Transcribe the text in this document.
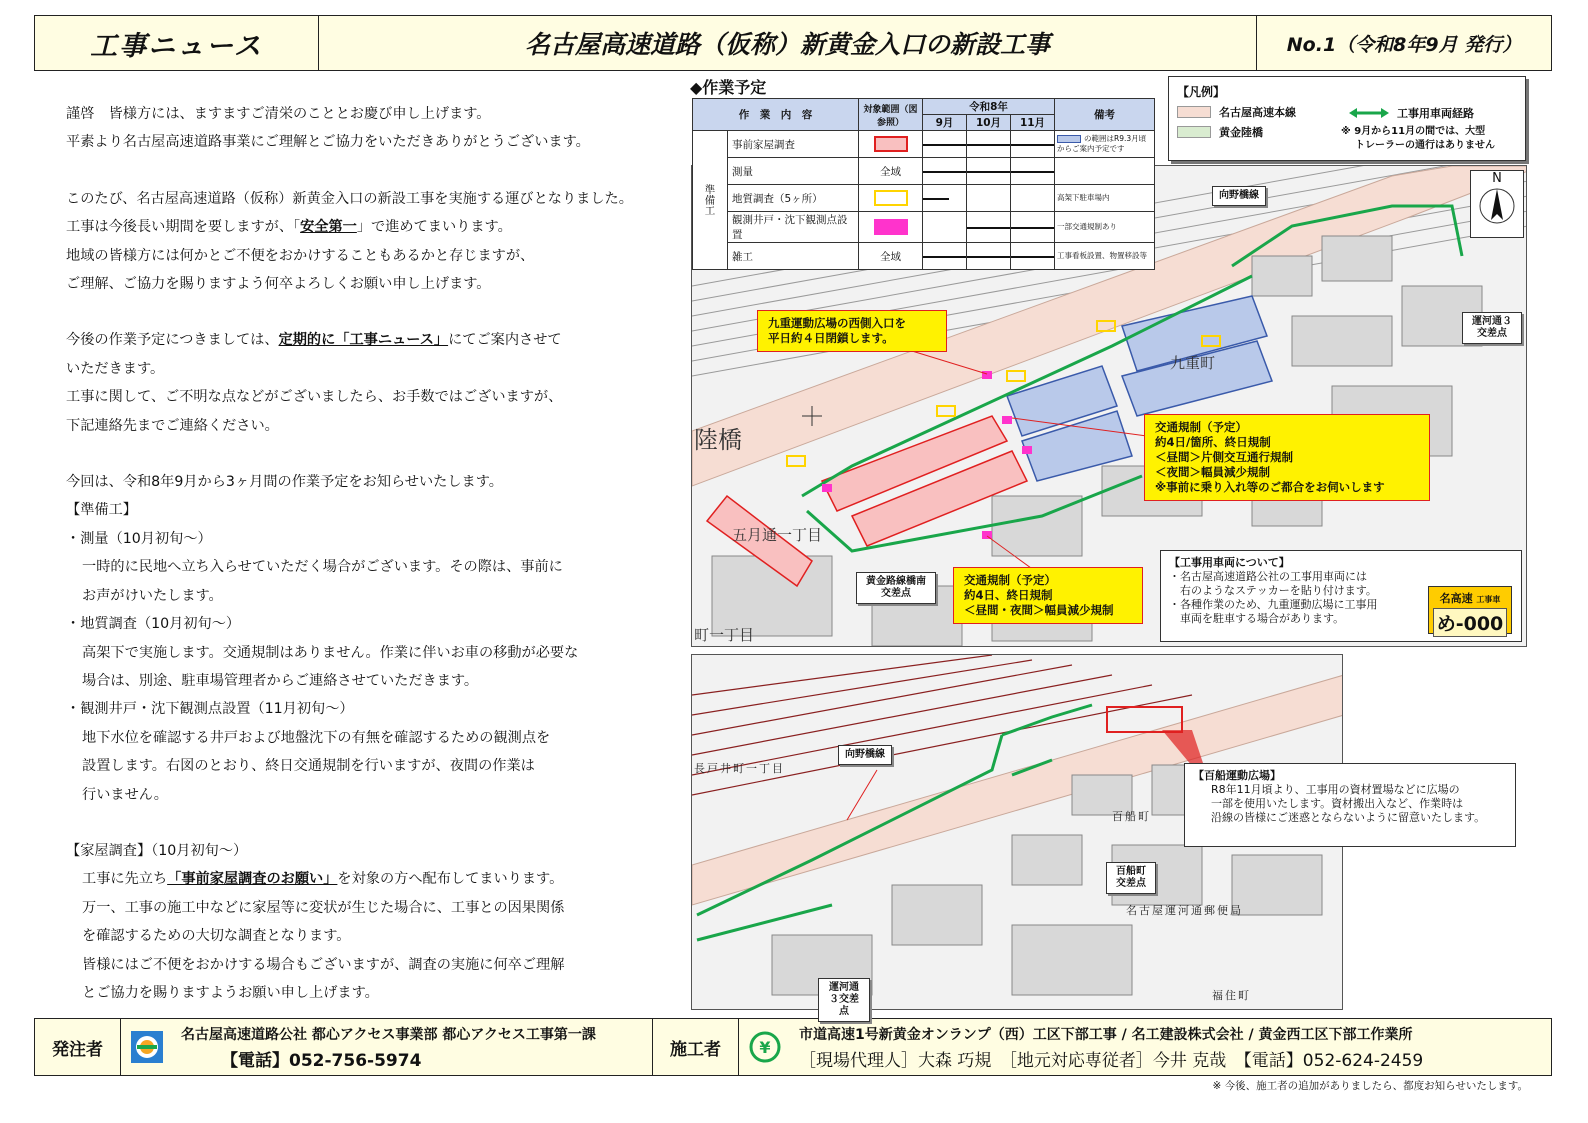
工事ニュース	名古屋高速道路（仮称）新黄金入口の新設工事	No.1（令和8年9月 発行）

謹啓　皆様方には、ますますご清栄のこととお慶び申し上げます。

平素より名古屋高速道路事業にご理解とご協力をいただきありがとうございます。

このたび、名古屋高速道路（仮称）新黄金入口の新設工事を実施する運びとなりました。

工事は今後長い期間を要しますが、「安全第一」で進めてまいります。

地域の皆様方には何かとご不便をおかけすることもあるかと存じますが、

ご理解、ご協力を賜りますよう何卒よろしくお願い申し上げます。

今後の作業予定につきましては、定期的に「工事ニュース」にてご案内させて

いただきます。

工事に関して、ご不明な点などがございましたら、お手数ではございますが、

下記連絡先までご連絡ください。

今回は、令和8年9月から3ヶ月間の作業予定をお知らせいたします。

【準備工】

・測量（10月初旬～）

一時的に民地へ立ち入らせていただく場合がございます。その際は、事前に

お声がけいたします。

・地質調査（10月初旬～）

高架下で実施します。交通規制はありません。作業に伴いお車の移動が必要な

場合は、別途、駐車場管理者からご連絡させていただきます。

・観測井戸・沈下観測点設置（11月初旬～）

地下水位を確認する井戸および地盤沈下の有無を確認するための観測点を

設置します。右図のとおり、終日交通規制を行いますが、夜間の作業は

行いません。

【家屋調査】（10月初旬～）

工事に先立ち「事前家屋調査のお願い」を対象の方へ配布してまいります。

万一、工事の施工中などに家屋等に変状が生じた場合に、工事との因果関係

を確認するための大切な調査となります。

皆様にはご不便をおかけする場合もございますが、調査の実施に何卒ご理解

とご協力を賜りますようお願い申し上げます。

◆作業予定
作　業　内　容		対象範囲（図参照）	令和8年			備考
			9月	10月	11月	
準備工	事前家屋調査					の範囲はR9.3月頃からご案内予定です
	測量	全域	

	地質調査（5ヶ所）					高架下駐車場内
	観測井戸・沈下観測点設置					一部交通規制あり
	雑工	全域				工事看板設置、物置移設等
【凡例】
名古屋高速本線
黄金陸橋
工事用車両経路
※ 9月から11月の間では、大型
トレーラーの通行はありません
向野橋線
運河通３交差点
九重町
陸橋
五月通一丁目
黄金路線橋南交差点
町一丁目
N
九重運動広場の西側入口を
平日約４日閉鎖します。
交通規制（予定）
約4日/箇所、終日規制
＜昼間＞片側交互通行規制
＜夜間＞幅員減少規制
※事前に乗り入れ等のご都合をお伺いします
交通規制（予定）
約4日、終日規制
＜昼間・夜間＞幅員減少規制
【工事用車両について】
・名古屋高速道路公社の工事用車両には
　右のようなステッカーを貼り付けます。
・各種作業のため、九重運動広場に工事用
　車両を駐車する場合があります。
名高速 工事車
め-000
向野橋線
長戸井町一丁目
百船町
百船町交差点
名古屋運河通郵便局
福住町
運河通３交差点
【百船運動広場】
R8年11月頃より、工事用の資材置場などに広場の
一部を使用いたします。資材搬出入など、作業時は
沿線の皆様にご迷惑とならないように留意いたします。
発注者
名古屋高速道路公社 都心アクセス事業部 都心アクセス工事第一課
【電話】052-756-5974
施工者	¥
市道高速1号新黄金オンランプ（西）工区下部工事 / 名工建設株式会社 / 黄金西工区下部工作業所
［現場代理人］大森 巧規　［地元対応専従者］今井 克哉　【電話】052-624-2459
※ 今後、施工者の追加がありましたら、都度お知らせいたします。
